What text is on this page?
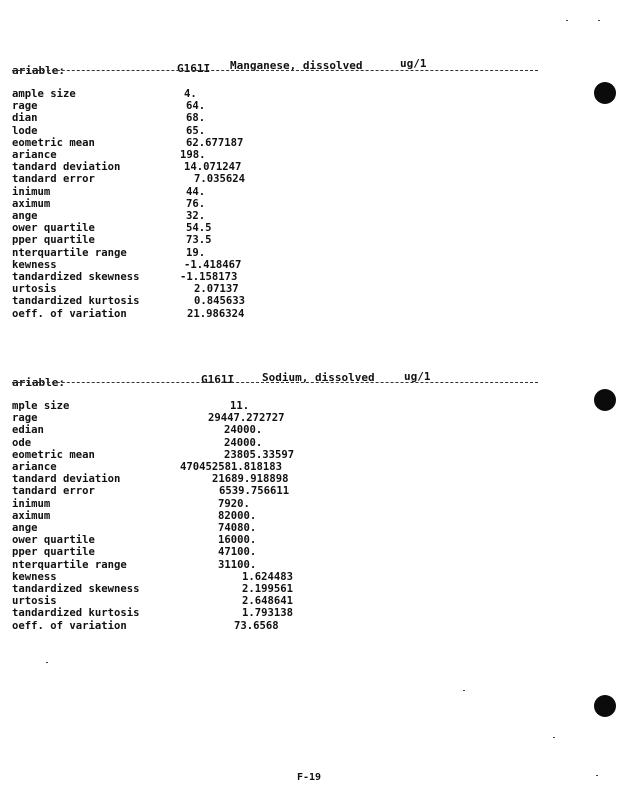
ariable:	G161I Manganese, dissolved	ug/1
ample size	4.
rage	64.
dian	68.
lode	65.
eometric mean	62.677187
ariance	198.
tandard deviation	14.071247
tandard error	7.035624
inimum	44.
aximum	76.
ange	32.
ower quartile	54.5
pper quartile	73.5
nterquartile range	19.
kewness	-1.418467
tandardized skewness	-1.158173
urtosis	2.07137
tandardized kurtosis	0.845633
oeff. of variation	21.986324
ariable:	G161I	Sodium, dissolved	ug/1
mple size	11.
rage	29447.272727
edian	24000.
ode	24000.
eometric mean	23805.33597
ariance	470452581.818183
tandard deviation	21689.918898
tandard error	6539.756611
inimum	7920.
aximum	82000.
ange	74080.
ower quartile	16000.
pper quartile	47100.
nterquartile range	31100.
kewness	1.624483
tandardized skewness	2.199561
urtosis	2.648641
tandardized kurtosis	1.793138
oeff. of variation	73.6568
F-19
